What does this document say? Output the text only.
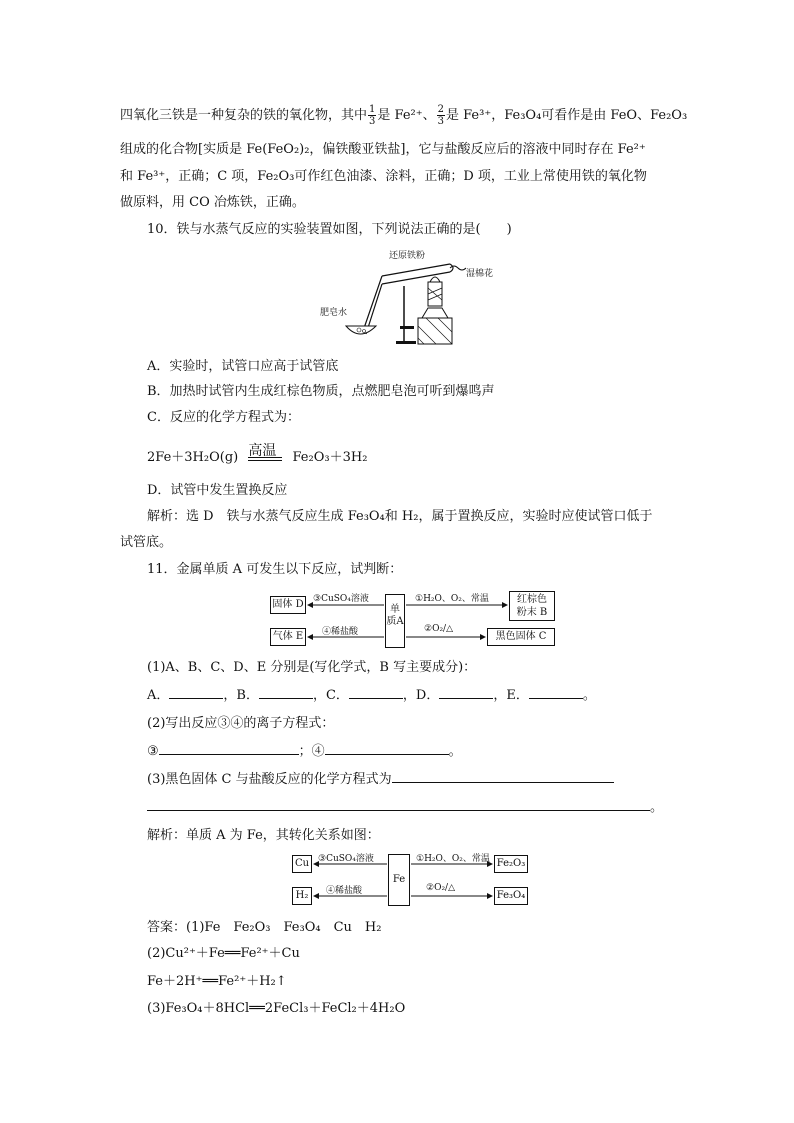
四氧化三铁是一种复杂的铁的氧化物，其中 $\frac{1}{3}$ 是 Fe²⁺、 $\frac{2}{3}$ 是 Fe³⁺，Fe₃O₄可看作是由 FeO、Fe₂O₃
组成的化合物[实质是 Fe(FeO₂)₂，偏铁酸亚铁盐]，它与盐酸反应后的溶液中同时存在 Fe²⁺
和 Fe³⁺，正确；C 项，Fe₂O₃可作红色油漆、涂料，正确；D 项，工业上常使用铁的氧化物
做原料，用 CO 冶炼铁，正确。
10．铁与水蒸气反应的实验装置如图，下列说法正确的是(　　)
还原铁粉
湿棉花
肥皂水
A．实验时，试管口应高于试管底
B．加热时试管内生成红棕色物质，点燃肥皂泡可听到爆鸣声
C．反应的化学方程式为：
2Fe＋3H₂O(g) 高温 Fe₂O₃＋3H₂
D．试管中发生置换反应
解析：选 D　铁与水蒸气反应生成 Fe₃O₄和 H₂，属于置换反应，实验时应使试管口低于
试管底。
11．金属单质 A 可发生以下反应，试判断：
固体 D
气体 E
单质A
红棕色
粉末 B
黑色固体 C
③CuSO₄溶液
④稀盐酸
①H₂O、O₂、常温
②O₂/△
(1)A、B、C、D、E 分别是(写化学式，B 写主要成分)：
A．	，B．	，C．	，D．	，E．	。
(2)写出反应③④的离子方程式：
③	；④	。
(3)黑色固体 C 与盐酸反应的化学方程式为
。
解析：单质 A 为 Fe，其转化关系如图：
Cu
H₂
Fe
Fe₂O₃
Fe₃O₄
③CuSO₄溶液
④稀盐酸
①H₂O、O₂、常温
②O₂/△
答案：(1)Fe　Fe₂O₃　Fe₃O₄　Cu　H₂
(2)Cu²⁺＋Fe══Fe²⁺＋Cu
Fe＋2H⁺══Fe²⁺＋H₂↑
(3)Fe₃O₄＋8HCl══2FeCl₃＋FeCl₂＋4H₂O
